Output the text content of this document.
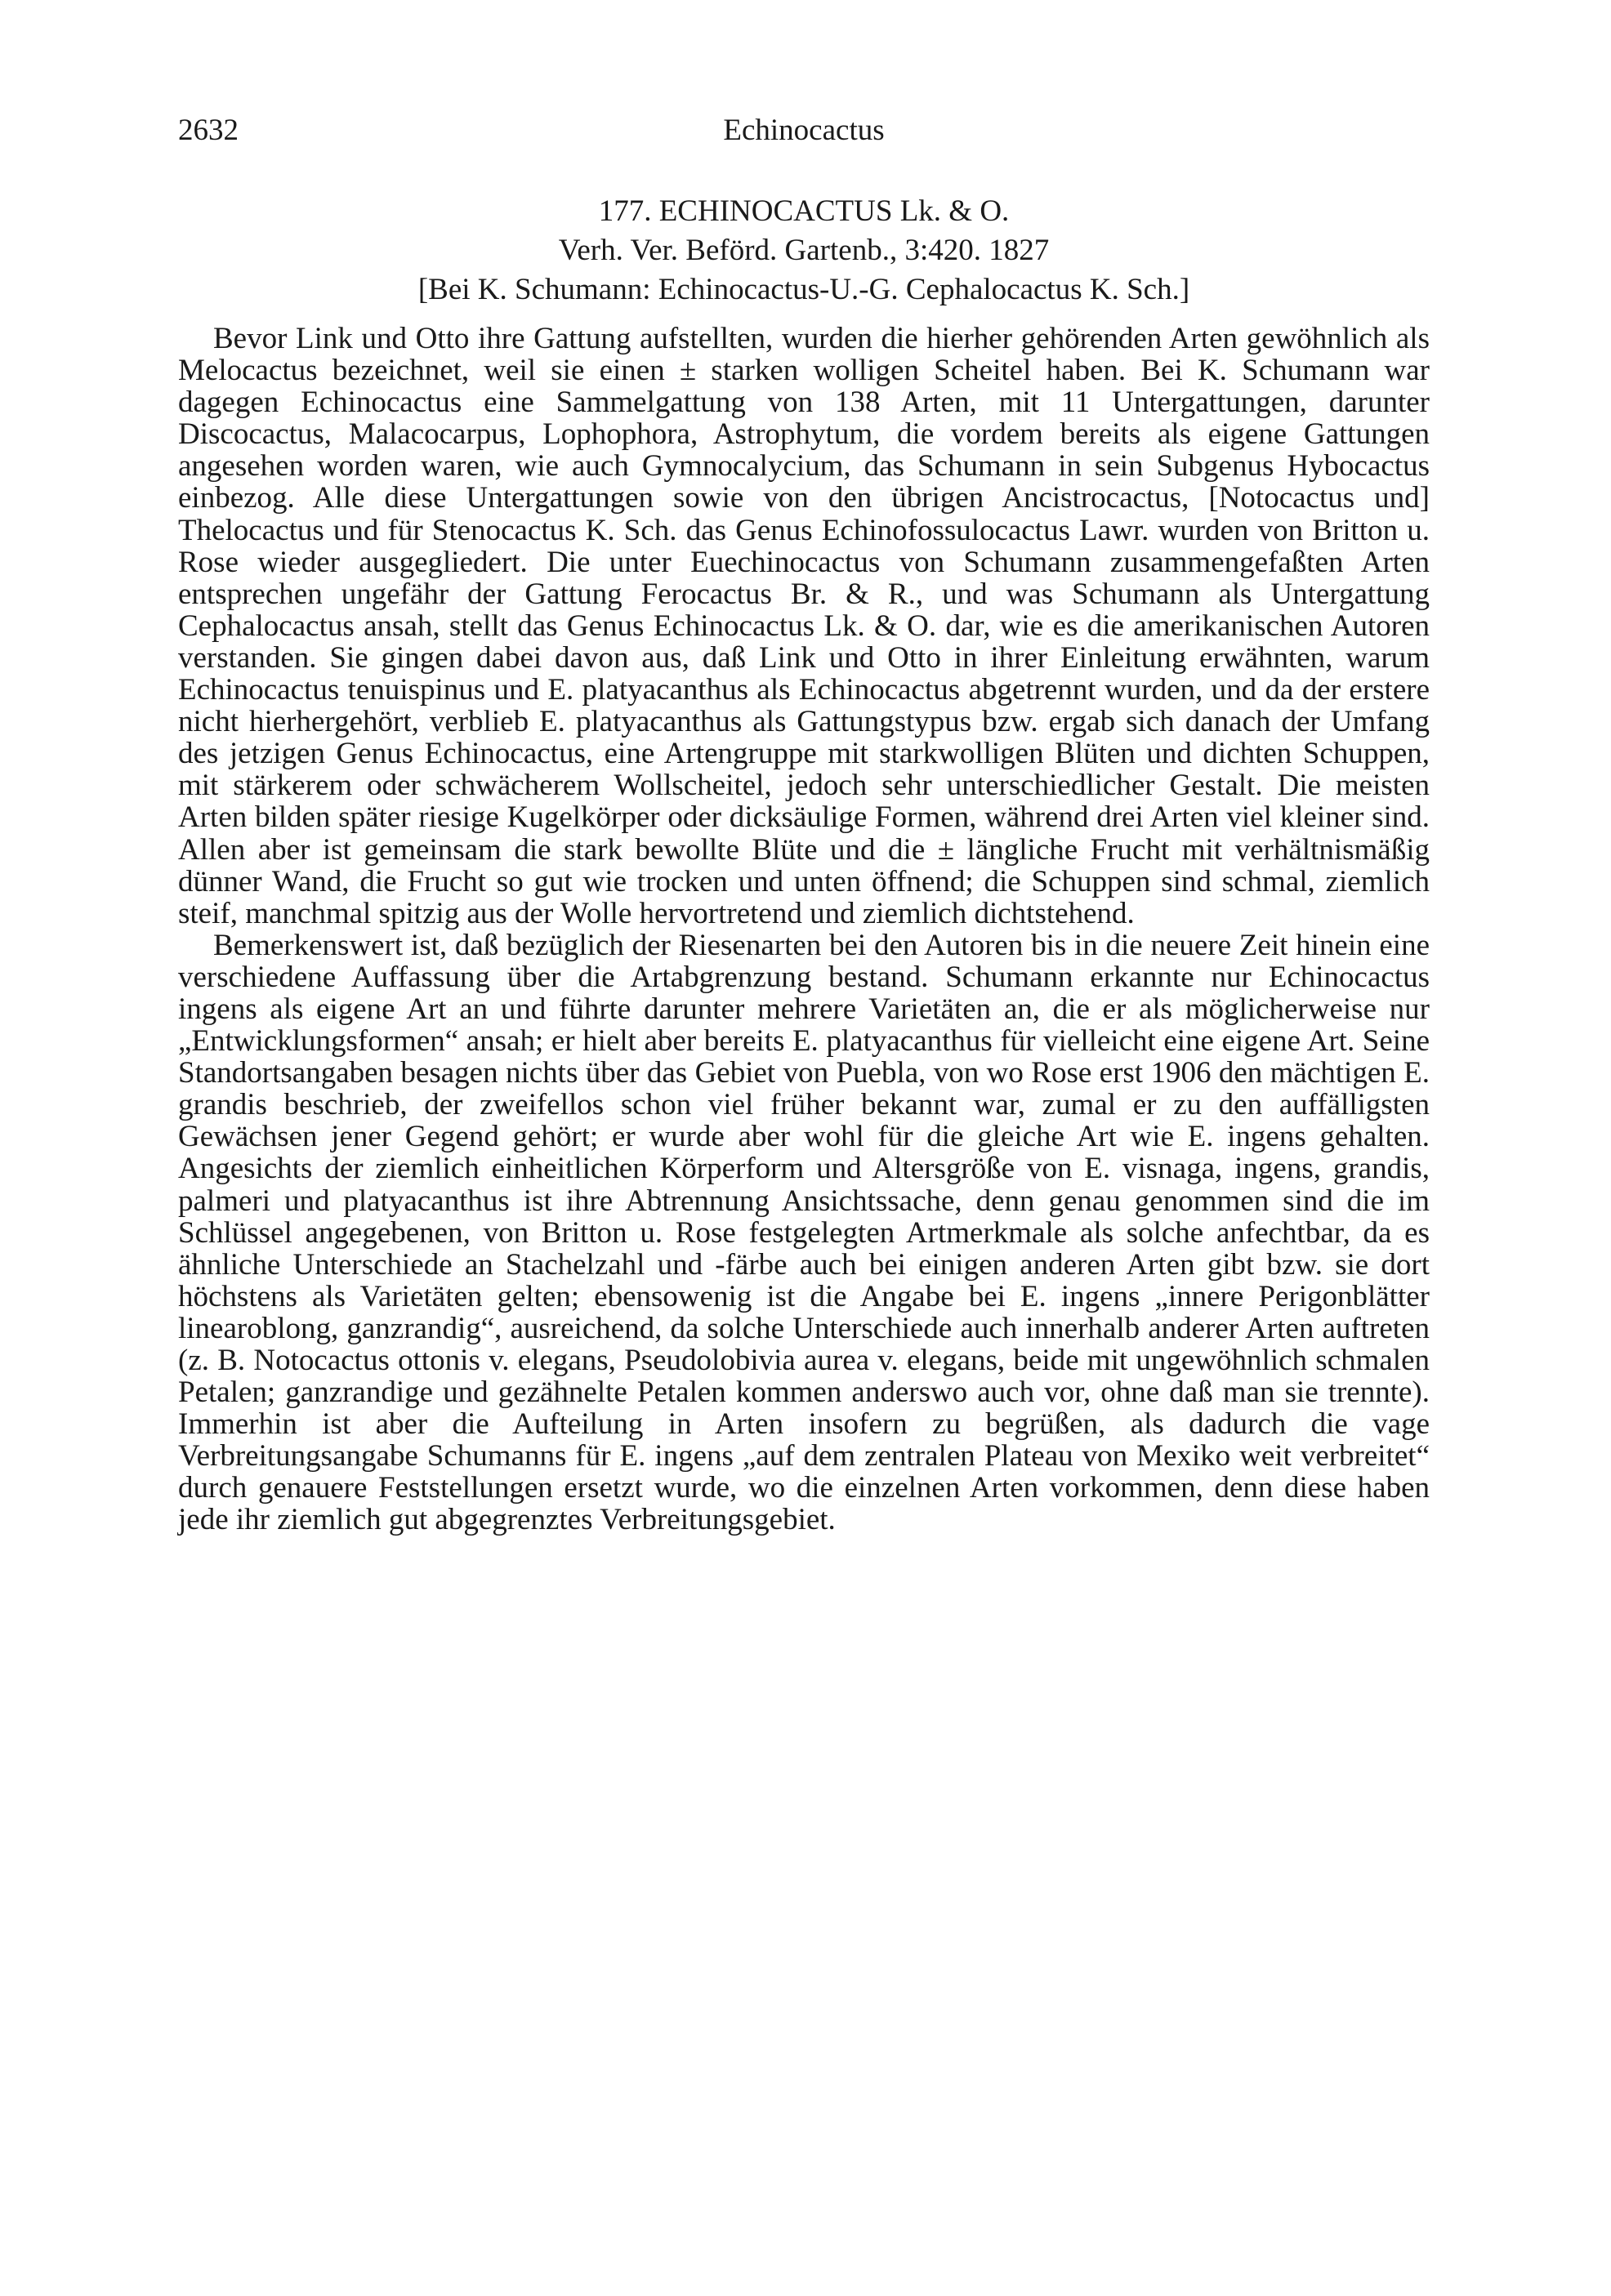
2632	Echinocactus
177. ECHINOCACTUS Lk. & O.
Verh. Ver. Beförd. Gartenb., 3:420. 1827
[Bei K. Schumann: Echinocactus-U.-G. Cephalocactus K. Sch.]

Bevor Link und Otto ihre Gattung aufstellten, wurden die hierher gehörenden Arten gewöhnlich als Melocactus bezeichnet, weil sie einen ± starken wolligen Scheitel haben. Bei K. Schumann war dagegen Echinocactus eine Sammelgattung von 138 Arten, mit 11 Untergattungen, darunter Discocactus, Malacocarpus, Lophophora, Astrophytum, die vordem bereits als eigene Gattungen angesehen worden waren, wie auch Gymnocalycium, das Schumann in sein Subgenus Hybocactus einbezog. Alle diese Untergattungen sowie von den übrigen Ancistrocactus, [Notocactus und] Thelocactus und für Stenocactus K. Sch. das Genus Echinofossulocactus Lawr. wurden von Britton u. Rose wieder ausgegliedert. Die unter Euechinocactus von Schumann zusammengefaßten Arten entsprechen ungefähr der Gattung Ferocactus Br. & R., und was Schumann als Untergattung Cephalocactus ansah, stellt das Genus Echinocactus Lk. & O. dar, wie es die amerikanischen Autoren verstanden. Sie gingen dabei davon aus, daß Link und Otto in ihrer Einleitung erwähnten, warum Echinocactus tenuispinus und E. platyacanthus als Echinocactus abgetrennt wurden, und da der erstere nicht hierhergehört, verblieb E. platyacanthus als Gattungstypus bzw. ergab sich danach der Umfang des jetzigen Genus Echinocactus, eine Artengruppe mit starkwolligen Blüten und dichten Schuppen, mit stärkerem oder schwächerem Wollscheitel, jedoch sehr unterschiedlicher Gestalt. Die meisten Arten bilden später riesige Kugelkörper oder dicksäulige Formen, während drei Arten viel kleiner sind. Allen aber ist gemeinsam die stark bewollte Blüte und die ± längliche Frucht mit verhältnismäßig dünner Wand, die Frucht so gut wie trocken und unten öffnend; die Schuppen sind schmal, ziemlich steif, manchmal spitzig aus der Wolle hervortretend und ziemlich dichtstehend.

Bemerkenswert ist, daß bezüglich der Riesenarten bei den Autoren bis in die neuere Zeit hinein eine verschiedene Auffassung über die Artabgrenzung bestand. Schumann erkannte nur Echinocactus ingens als eigene Art an und führte darunter mehrere Varietäten an, die er als möglicherweise nur „Entwicklungsformen“ ansah; er hielt aber bereits E. platyacanthus für vielleicht eine eigene Art. Seine Standortsangaben besagen nichts über das Gebiet von Puebla, von wo Rose erst 1906 den mächtigen E. grandis beschrieb, der zweifellos schon viel früher bekannt war, zumal er zu den auffälligsten Gewächsen jener Gegend gehört; er wurde aber wohl für die gleiche Art wie E. ingens gehalten. Angesichts der ziemlich einheitlichen Körperform und Altersgröße von E. visnaga, ingens, grandis, palmeri und platyacanthus ist ihre Abtrennung Ansichtssache, denn genau genommen sind die im Schlüssel angegebenen, von Britton u. Rose festgelegten Artmerkmale als solche anfechtbar, da es ähnliche Unterschiede an Stachelzahl und -färbe auch bei einigen anderen Arten gibt bzw. sie dort höchstens als Varietäten gelten; ebensowenig ist die Angabe bei E. ingens „innere Perigonblätter linearoblong, ganzrandig“, ausreichend, da solche Unterschiede auch innerhalb anderer Arten auftreten (z. B. Notocactus ottonis v. elegans, Pseudolobivia aurea v. elegans, beide mit ungewöhnlich schmalen Petalen; ganzrandige und gezähnelte Petalen kommen anderswo auch vor, ohne daß man sie trennte). Immerhin ist aber die Aufteilung in Arten insofern zu begrüßen, als dadurch die vage Verbreitungsangabe Schumanns für E. ingens „auf dem zentralen Plateau von Mexiko weit verbreitet“ durch genauere Feststellungen ersetzt wurde, wo die einzelnen Arten vorkommen, denn diese haben jede ihr ziemlich gut abgegrenztes Verbreitungsgebiet.
